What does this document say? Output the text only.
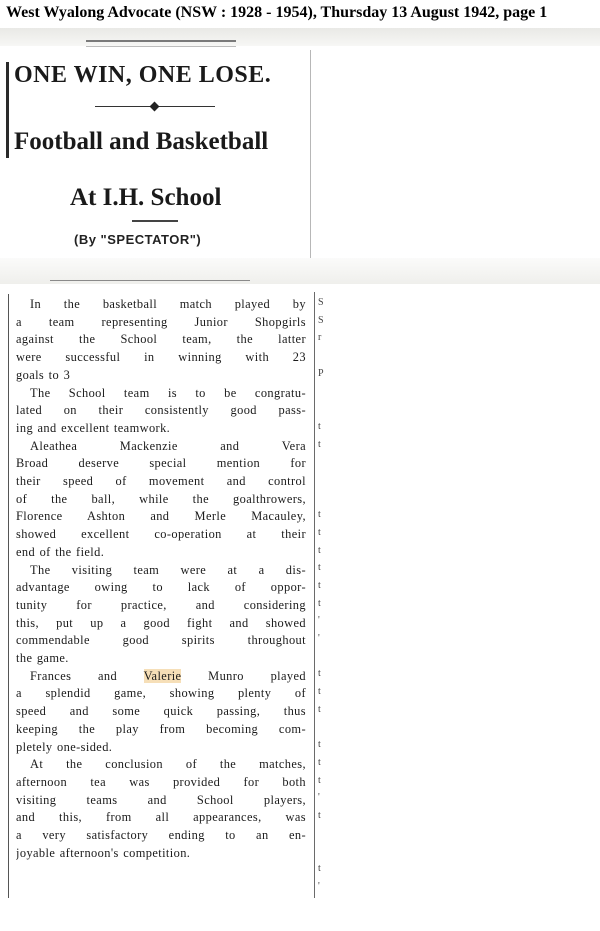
West Wyalong Advocate (NSW : 1928 - 1954), Thursday 13 August 1942, page 1
ONE WIN, ONE LOSE.
Football and Basketball
At I.H. School
(By "SPECTATOR")
In the basketball match played by
a team representing Junior Shopgirls
against the School team, the latter
were successful in winning with 23
goals to 3
The School team is to be congratu-
lated on their consistently good pass-
ing and excellent teamwork.
Aleathea Mackenzie and Vera
Broad deserve special mention for
their speed of movement and control
of the ball, while the goalthrowers,
Florence Ashton and Merle Macauley,
showed excellent co-operation at their
end of the field.
The visiting team were at a dis-
advantage owing to lack of oppor-
tunity for practice, and considering
this, put up a good fight and showed
commendable good spirits throughout
the game.
Frances and Valerie Munro played
a splendid game, showing plenty of
speed and some quick passing, thus
keeping the play from becoming com-
pletely one-sided.
At the conclusion of the matches,
afternoon tea was provided for both
visiting teams and School players,
and this, from all appearances, was
a very satisfactory ending to an en-
joyable afternoon's competition.
S
S
r
P
t
t
t
t
t
t
t
t
'
'
t
t
t
t
t
t
'
t
t
'
